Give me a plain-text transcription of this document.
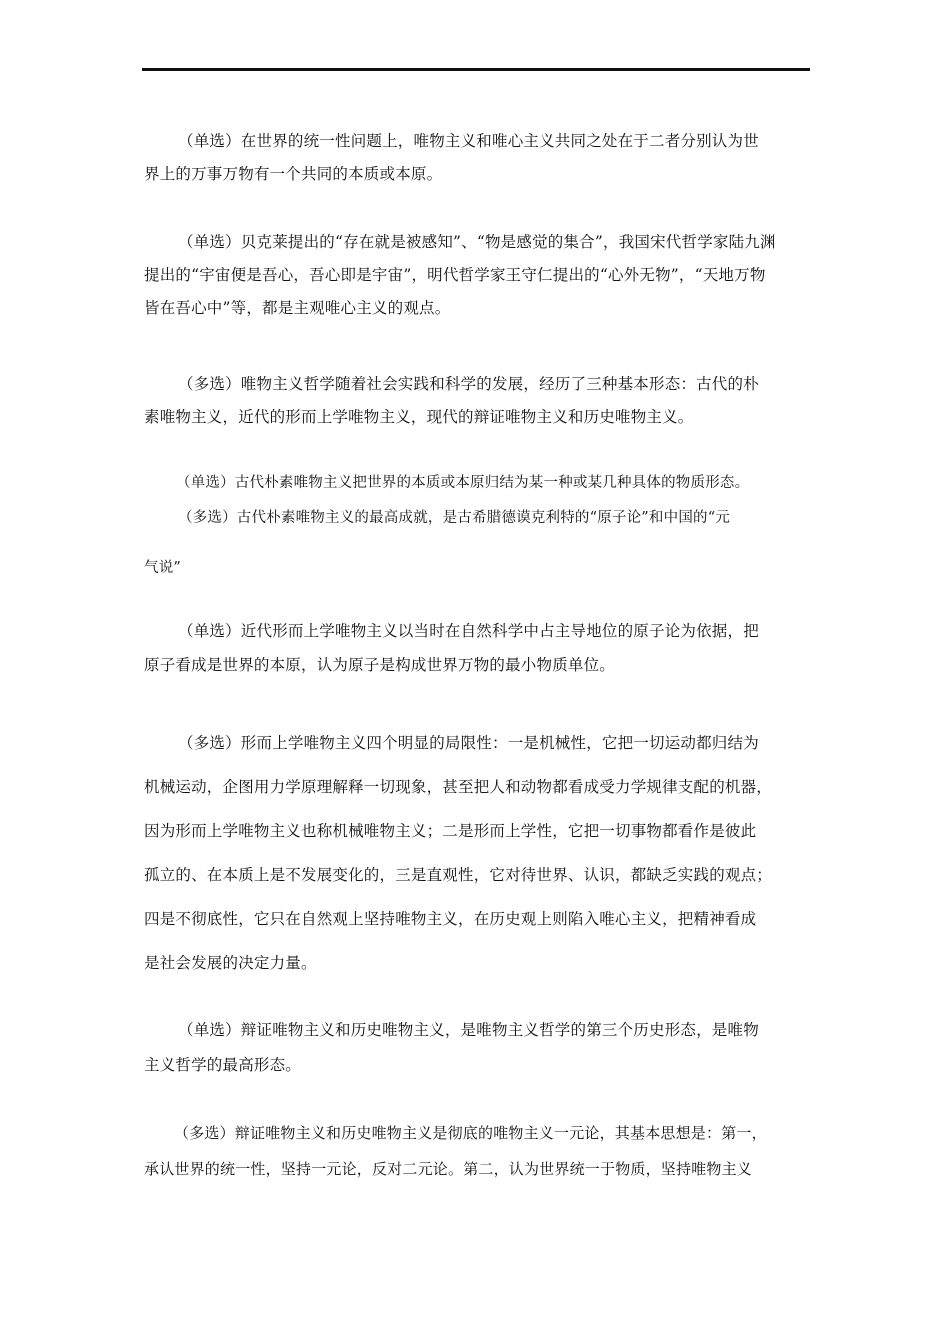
（单选）在世界的统一性问题上，唯物主义和唯心主义共同之处在于二者分别认为世
界上的万事万物有一个共同的本质或本原。
（单选）贝克莱提出的“存在就是被感知”、“物是感觉的集合”，我国宋代哲学家陆九渊
提出的“宇宙便是吾心，吾心即是宇宙”，明代哲学家王守仁提出的“心外无物”，“天地万物
皆在吾心中”等，都是主观唯心主义的观点。
（多选）唯物主义哲学随着社会实践和科学的发展，经历了三种基本形态：古代的朴
素唯物主义，近代的形而上学唯物主义，现代的辩证唯物主义和历史唯物主义。
（单选）古代朴素唯物主义把世界的本质或本原归结为某一种或某几种具体的物质形态。
（多选）古代朴素唯物主义的最高成就，是古希腊德谟克利特的“原子论”和中国的“元
气说”
（单选）近代形而上学唯物主义以当时在自然科学中占主导地位的原子论为依据，把
原子看成是世界的本原，认为原子是构成世界万物的最小物质单位。
（多选）形而上学唯物主义四个明显的局限性：一是机械性，它把一切运动都归结为
机械运动，企图用力学原理解释一切现象，甚至把人和动物都看成受力学规律支配的机器，
因为形而上学唯物主义也称机械唯物主义；二是形而上学性，它把一切事物都看作是彼此
孤立的、在本质上是不发展变化的，三是直观性，它对待世界、认识，都缺乏实践的观点；
四是不彻底性，它只在自然观上坚持唯物主义，在历史观上则陷入唯心主义，把精神看成
是社会发展的决定力量。
（单选）辩证唯物主义和历史唯物主义，是唯物主义哲学的第三个历史形态，是唯物
主义哲学的最高形态。
（多选）辩证唯物主义和历史唯物主义是彻底的唯物主义一元论，其基本思想是：第一，
承认世界的统一性，坚持一元论，反对二元论。第二，认为世界统一于物质，坚持唯物主义
